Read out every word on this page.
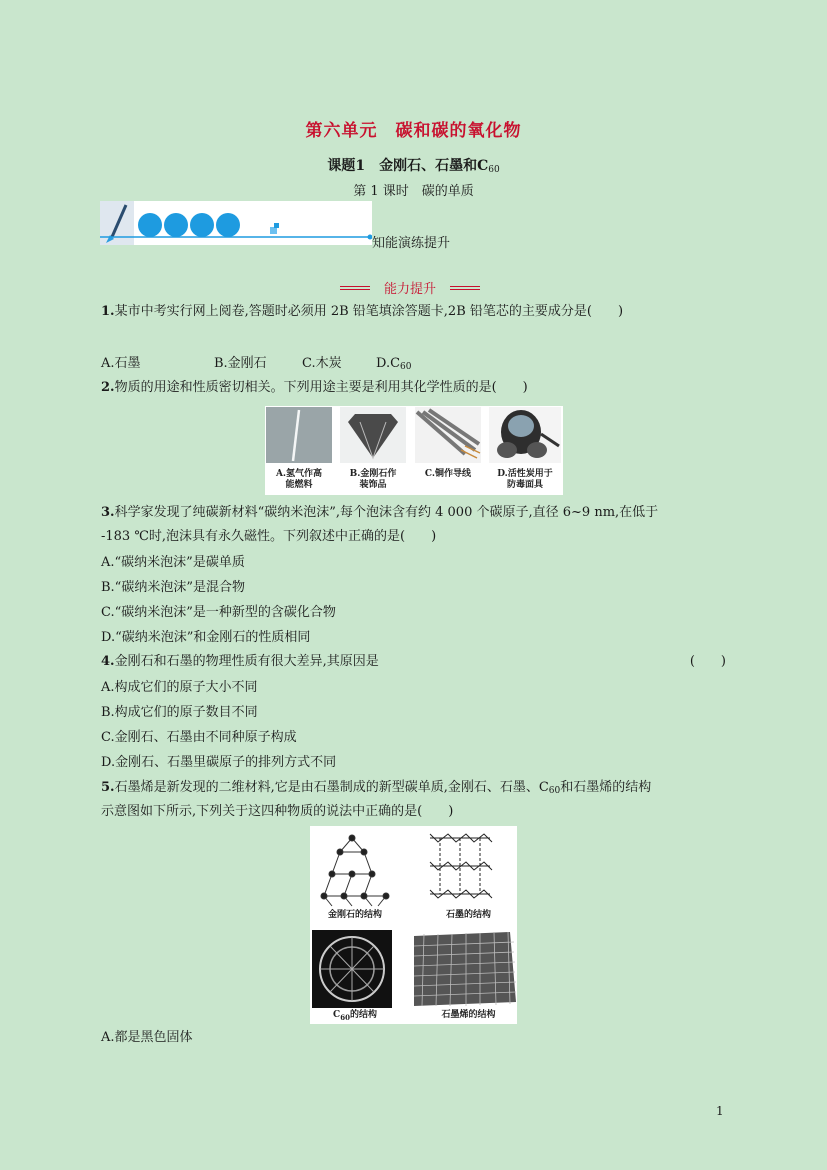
第六单元　碳和碳的氧化物
课题1　金刚石、石墨和$C_{60}$
第 1 课时　碳的单质
知能演练提升
能力提升
1.某市中考实行网上阅卷,答题时必须用 2B 铅笔填涂答题卡,2B 铅笔芯的主要成分是(　　)
A.石墨	B.金刚石	C.木炭	$D.C_{60}$
2.物质的用途和性质密切相关。下列用途主要是利用其化学性质的是(　　)
A.氢气作高
能燃料
B.金刚石作
装饰品
C.铜作导线	D.活性炭用于
防毒面具
3.科学家发现了纯碳新材料“碳纳米泡沫”,每个泡沫含有约 4 000 个碳原子,直径 6~9 nm,在低于
-183 ℃时,泡沫具有永久磁性。下列叙述中正确的是(　　)
A.“碳纳米泡沫”是碳单质
B.“碳纳米泡沫”是混合物
C.“碳纳米泡沫”是一种新型的含碳化合物
D.“碳纳米泡沫”和金刚石的性质相同
4.金刚石和石墨的物理性质有很大差异,其原因是	(　　)
A.构成它们的原子大小不同
B.构成它们的原子数目不同
C.金刚石、石墨由不同种原子构成
D.金刚石、石墨里碳原子的排列方式不同
5.石墨烯是新发现的二维材料,它是由石墨制成的新型碳单质,金刚石、石墨、$C_{60}$和石墨烯的结构
示意图如下所示,下列关于这四种物质的说法中正确的是(　　)
金刚石的结构	石墨的结构
$C_{60}$的结构	石墨烯的结构
A.都是黑色固体
1
